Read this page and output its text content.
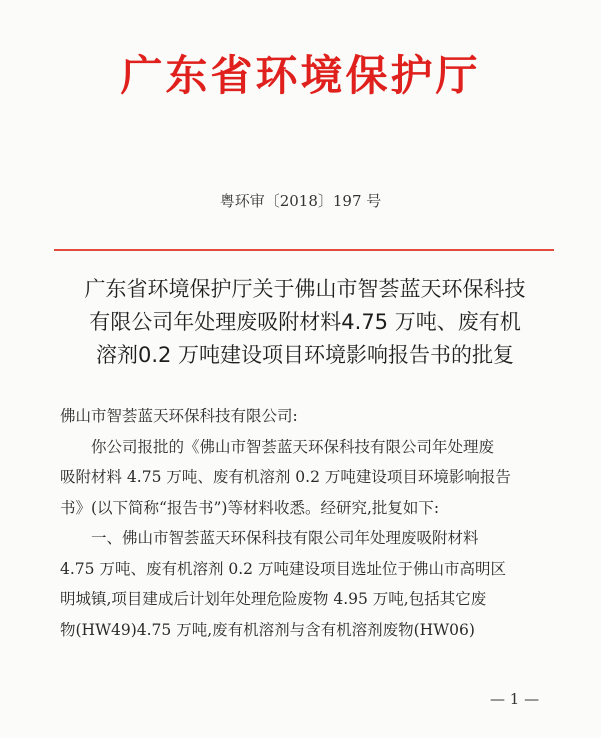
广东省环境保护厅
粤环审〔2018〕197 号
广东省环境保护厅关于佛山市智荟蓝天环保科技
有限公司年处理废吸附材料4.75 万吨、废有机
溶剂0.2 万吨建设项目环境影响报告书的批复
佛山市智荟蓝天环保科技有限公司:
你公司报批的《佛山市智荟蓝天环保科技有限公司年处理废
吸附材料 4.75 万吨、废有机溶剂 0.2 万吨建设项目环境影响报告
书》(以下简称“报告书”)等材料收悉。经研究,批复如下:
一、佛山市智荟蓝天环保科技有限公司年处理废吸附材料
4.75 万吨、废有机溶剂 0.2 万吨建设项目选址位于佛山市高明区
明城镇,项目建成后计划年处理危险废物 4.95 万吨,包括其它废
物(HW49)4.75 万吨,废有机溶剂与含有机溶剂废物(HW06)
— 1 —
